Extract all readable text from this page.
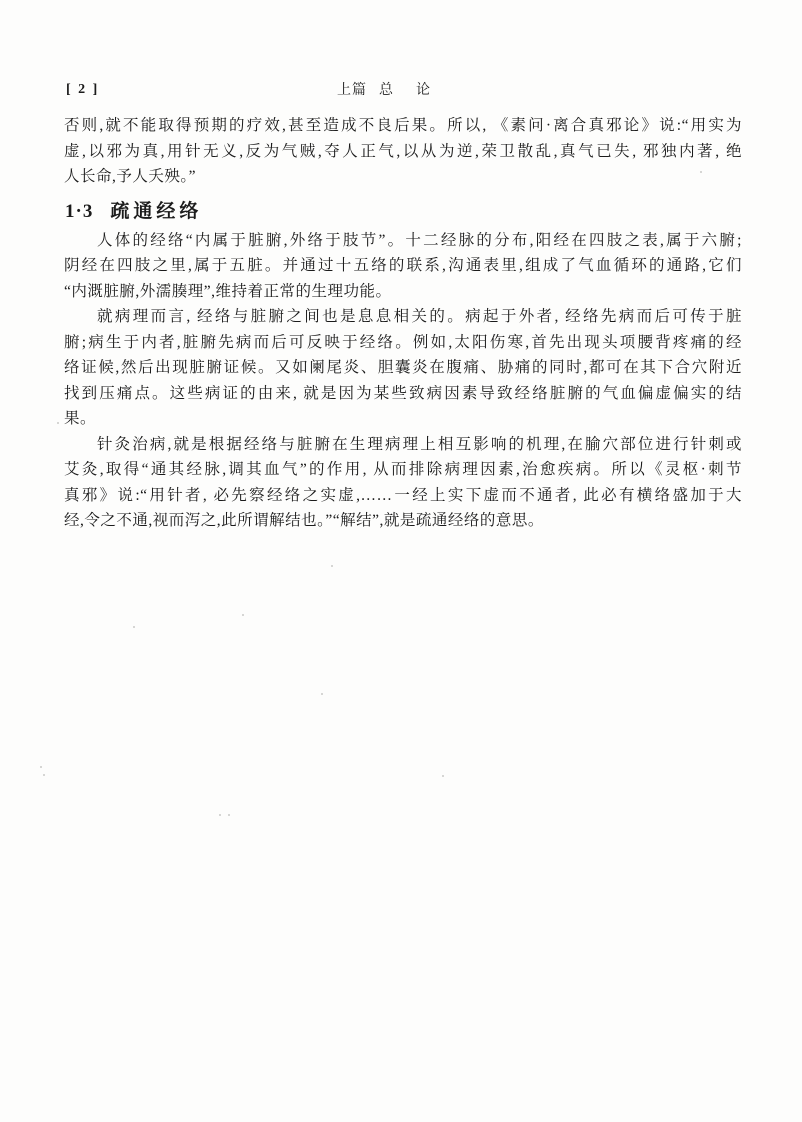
[ 2 ]	上篇 总 论
否则,就不能取得预期的疗效,甚至造成不良后果。所以, 《素问·离合真邪论》说:“用实为
虚,以邪为真,用针无义,反为气贼,夺人正气,以从为逆,荣卫散乱,真气已失, 邪独内著, 绝
人长命,予人夭殃。”
1·3 疏通经络
人体的经络“内属于脏腑,外络于肢节”。十二经脉的分布,阳经在四肢之表,属于六腑;
阴经在四肢之里,属于五脏。并通过十五络的联系,沟通表里,组成了气血循环的通路,它们
“内溉脏腑,外濡腠理”,维持着正常的生理功能。
就病理而言, 经络与脏腑之间也是息息相关的。病起于外者, 经络先病而后可传于脏
腑;病生于内者,脏腑先病而后可反映于经络。例如,太阳伤寒,首先出现头项腰背疼痛的经
络证候,然后出现脏腑证候。又如阑尾炎、胆囊炎在腹痛、胁痛的同时,都可在其下合穴附近
找到压痛点。这些病证的由来, 就是因为某些致病因素导致经络脏腑的气血偏虚偏实的结
果。
针灸治病,就是根据经络与脏腑在生理病理上相互影响的机理,在腧穴部位进行针刺或
艾灸,取得“通其经脉,调其血气”的作用, 从而排除病理因素,治愈疾病。所以《灵枢·刺节
真邪》说:“用针者, 必先察经络之实虚,……一经上实下虚而不通者, 此必有横络盛加于大
经,令之不通,视而泻之,此所谓解结也。”“解结”,就是疏通经络的意思。
